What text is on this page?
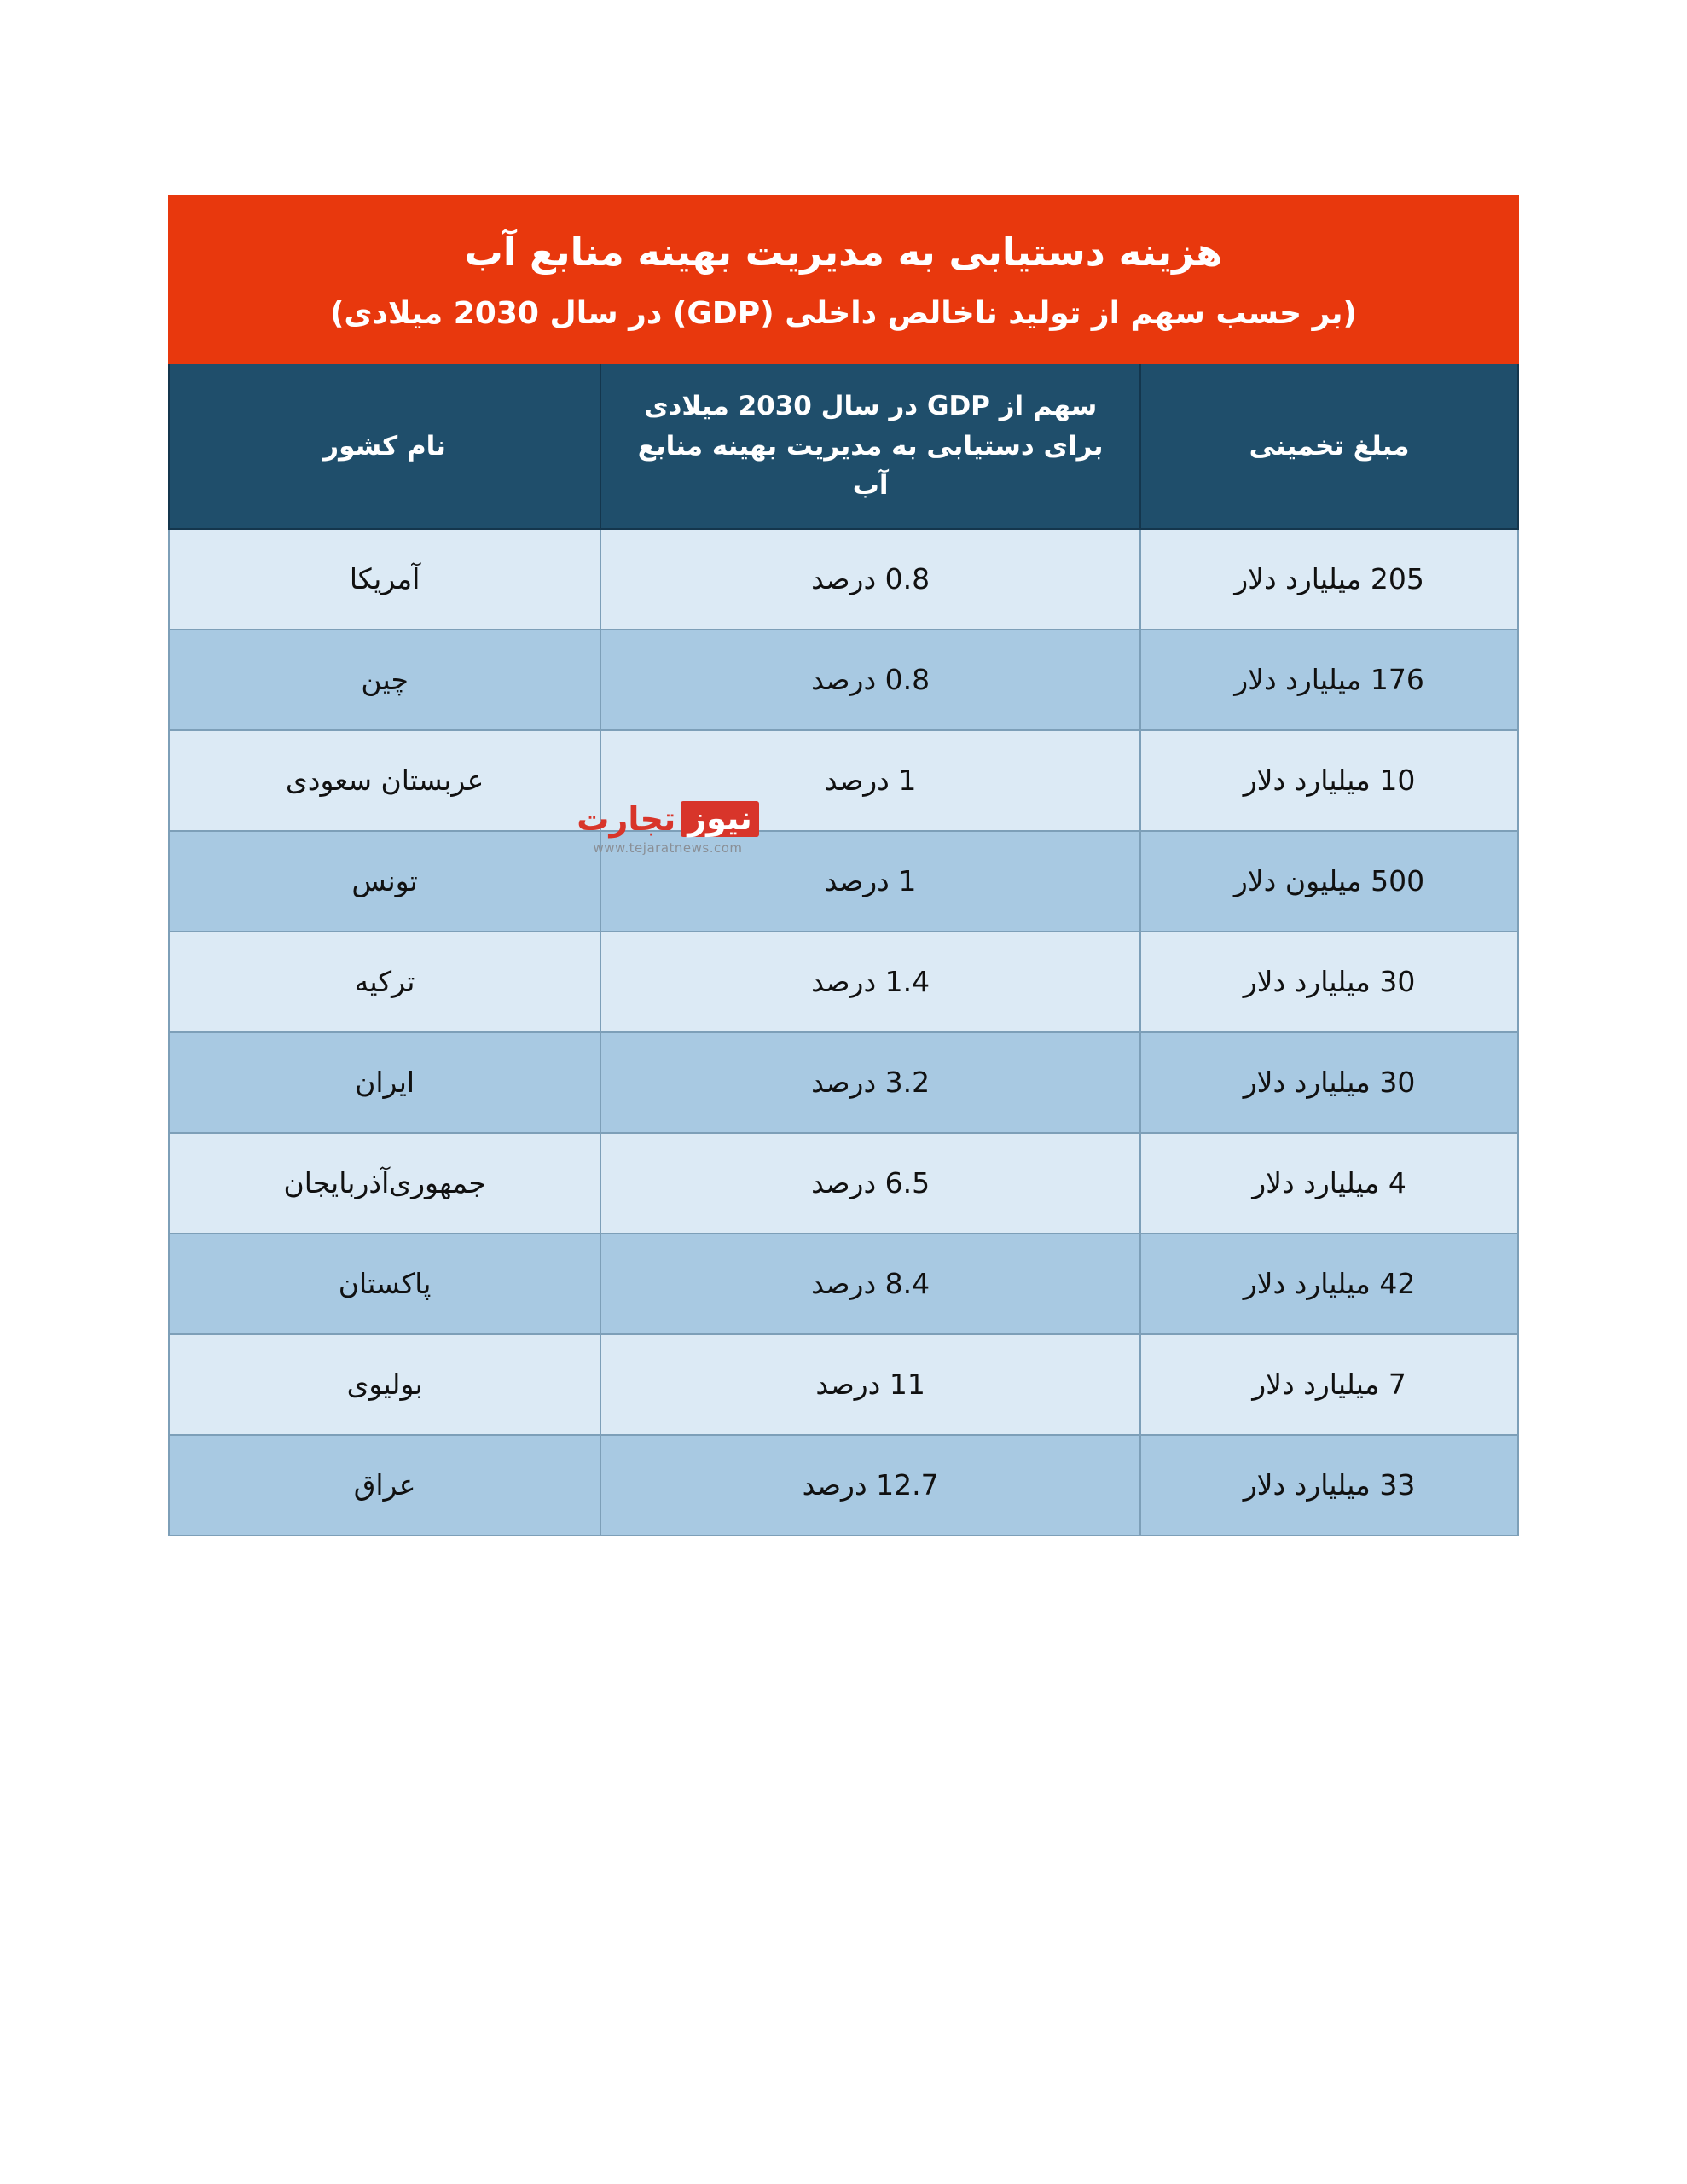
هزینه دستیابی به مدیریت بهینه منابع آب
(بر حسب سهم از تولید ناخالص داخلی (GDP) در سال 2030 میلادی)		

مبلغ تخمینی	سهم از GDP در سال 2030 میلادی برای دستیابی به مدیریت بهینه منابع آب	نام کشور
205 میلیارد دلار	0.8 درصد	آمریکا
176 میلیارد دلار	0.8 درصد	چین
10 میلیارد دلار	1 درصد	عربستان سعودی
500 میلیون دلار	1 درصد	تونس
30 میلیارد دلار	1.4 درصد	ترکیه
30 میلیارد دلار	3.2 درصد	ایران
4 میلیارد دلار	6.5 درصد	جمهوری‌آذربایجان
42 میلیارد دلار	8.4 درصد	پاکستان
7 میلیارد دلار	11 درصد	بولیوی
33 میلیارد دلار	12.7 درصد	عراق
تجارت نیوز
www.tejaratnews.com
